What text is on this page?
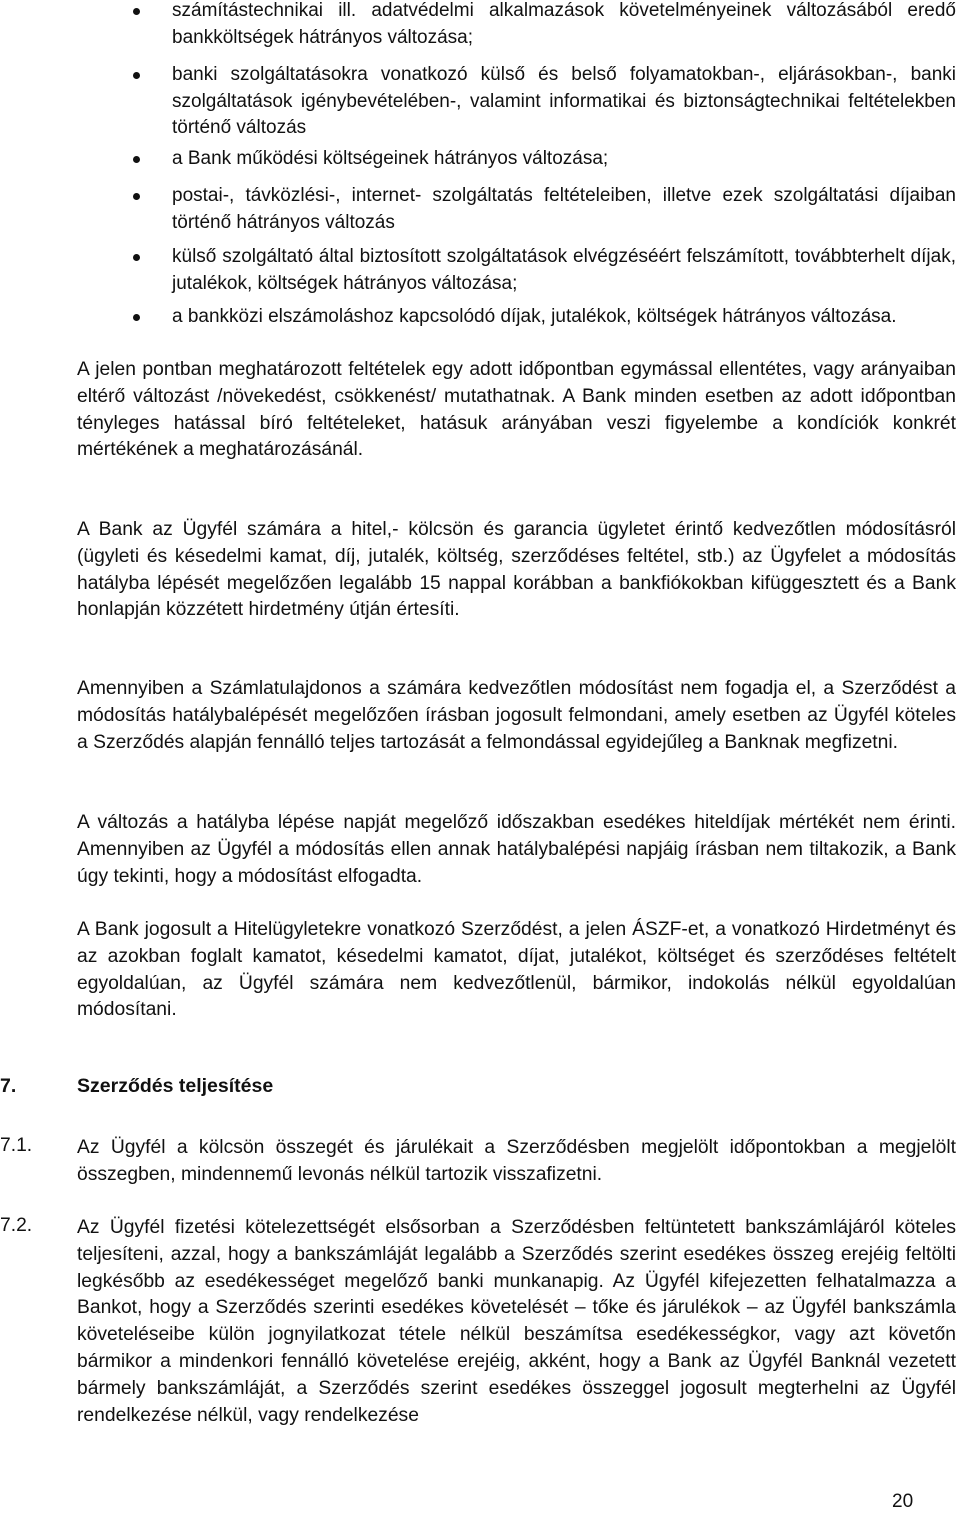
számítástechnikai ill. adatvédelmi alkalmazások követelményeinek változásából eredő bankköltségek hátrányos változása;
banki szolgáltatásokra vonatkozó külső és belső folyamatokban-, eljárásokban-, banki szolgáltatások igénybevételében-, valamint informatikai és biztonságtechnikai feltételekben történő változás
a Bank működési költségeinek hátrányos változása;
postai-, távközlési-, internet- szolgáltatás feltételeiben, illetve ezek szolgáltatási díjaiban történő hátrányos változás
külső szolgáltató által biztosított szolgáltatások elvégzéséért felszámított, továbbterhelt díjak, jutalékok, költségek hátrányos változása;
a bankközi elszámoláshoz kapcsolódó díjak, jutalékok, költségek hátrányos változása.

A jelen pontban meghatározott feltételek egy adott időpontban egymással ellentétes, vagy arányaiban eltérő változást /növekedést, csökkenést/ mutathatnak. A Bank minden esetben az adott időpontban tényleges hatással bíró feltételeket, hatásuk arányában veszi figyelembe a kondíciók konkrét mértékének a meghatározásánál.

A Bank az Ügyfél számára a hitel,- kölcsön és garancia ügyletet érintő kedvezőtlen módosításról (ügyleti és késedelmi kamat, díj, jutalék, költség, szerződéses feltétel, stb.) az Ügyfelet a módosítás hatályba lépését megelőzően legalább 15 nappal korábban a bankfiókokban kifüggesztett és a Bank honlapján közzétett hirdetmény útján értesíti.

Amennyiben a Számlatulajdonos a számára kedvezőtlen módosítást nem fogadja el, a Szerződést a módosítás hatálybalépését megelőzően írásban jogosult felmondani, amely esetben az Ügyfél köteles a Szerződés alapján fennálló teljes tartozását a felmondással egyidejűleg a Banknak megfizetni.

A változás a hatályba lépése napját megelőző időszakban esedékes hiteldíjak mértékét nem érinti. Amennyiben az Ügyfél a módosítás ellen annak hatálybalépési napjáig írásban nem tiltakozik, a Bank úgy tekinti, hogy a módosítást elfogadta.

A Bank jogosult a Hitelügyletekre vonatkozó Szerződést, a jelen ÁSZF-et, a vonatkozó Hirdetményt és az azokban foglalt kamatot, késedelmi kamatot, díjat, jutalékot, költséget és szerződéses feltételt egyoldalúan, az Ügyfél számára nem kedvezőtlenül, bármikor, indokolás nélkül egyoldalúan módosítani.

7.	Szerződés teljesítése
7.1. Az Ügyfél a kölcsön összegét és járulékait a Szerződésben megjelölt időpontokban a megjelölt összegben, mindennemű levonás nélkül tartozik visszafizetni.

7.2. Az Ügyfél fizetési kötelezettségét elsősorban a Szerződésben feltüntetett bankszámlájáról köteles teljesíteni, azzal, hogy a bankszámláját legalább a Szerződés szerint esedékes összeg erejéig feltölti legkésőbb az esedékességet megelőző banki munkanapig. Az Ügyfél kifejezetten felhatalmazza a Bankot, hogy a Szerződés szerinti esedékes követelését – tőke és járulékok – az Ügyfél bankszámla követeléseibe külön jognyilatkozat tétele nélkül beszámítsa esedékességkor, vagy azt követőn bármikor a mindenkori fennálló követelése erejéig, akként, hogy a Bank az Ügyfél Banknál vezetett bármely bankszámláját, a Szerződés szerint esedékes összeggel jogosult megterhelni az Ügyfél rendelkezése nélkül, vagy rendelkezése

20
